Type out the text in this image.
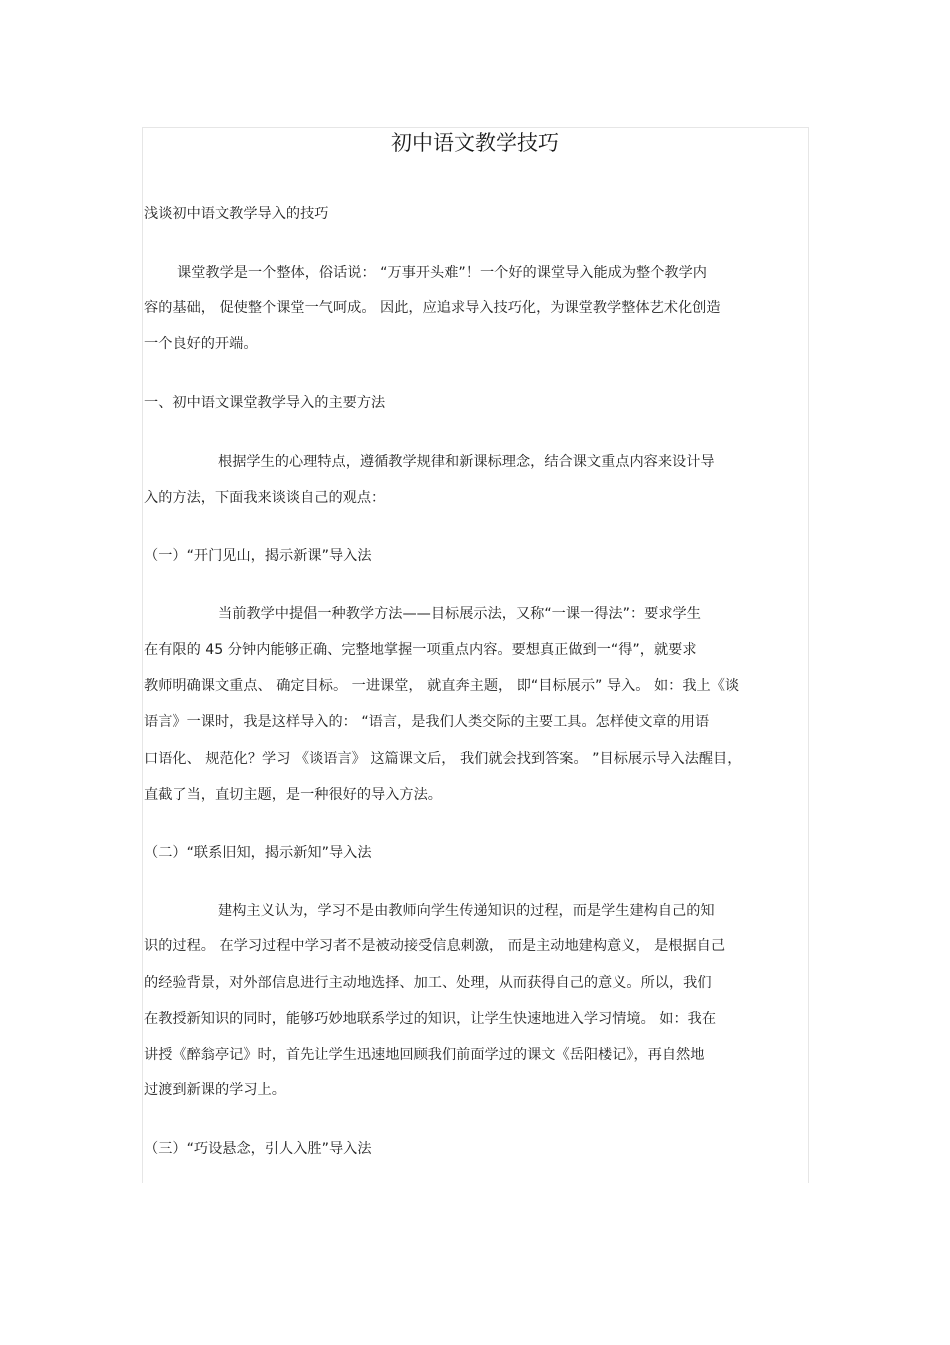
初中语文教学技巧
浅谈初中语文教学导入的技巧
课堂教学是一个整体，俗话说： “万事开头难”！一个好的课堂导入能成为整个教学内
容的基础， 促使整个课堂一气呵成。 因此，应追求导入技巧化，为课堂教学整体艺术化创造
一个良好的开端。
一、初中语文课堂教学导入的主要方法
根据学生的心理特点，遵循教学规律和新课标理念，结合课文重点内容来设计导
入的方法，下面我来谈谈自己的观点：
（一）“开门见山，揭示新课”导入法
当前教学中提倡一种教学方法——目标展示法，又称“一课一得法”：要求学生
在有限的 45 分钟内能够正确、完整地掌握一项重点内容。要想真正做到一“得”，就要求
教师明确课文重点、 确定目标。 一进课堂， 就直奔主题， 即“目标展示” 导入。 如：我上《谈
语言》一课时，我是这样导入的： “语言，是我们人类交际的主要工具。怎样使文章的用语
口语化、 规范化？学习 《谈语言》 这篇课文后， 我们就会找到答案。 ”目标展示导入法醒目，
直截了当，直切主题，是一种很好的导入方法。
（二）“联系旧知，揭示新知”导入法
建构主义认为，学习不是由教师向学生传递知识的过程，而是学生建构自己的知
识的过程。 在学习过程中学习者不是被动接受信息刺激， 而是主动地建构意义， 是根据自己
的经验背景，对外部信息进行主动地选择、加工、处理，从而获得自己的意义。所以，我们
在教授新知识的同时，能够巧妙地联系学过的知识，让学生快速地进入学习情境。 如：我在
讲授《醉翁亭记》时，首先让学生迅速地回顾我们前面学过的课文《岳阳楼记》，再自然地
过渡到新课的学习上。
（三）“巧设悬念，引人入胜”导入法
